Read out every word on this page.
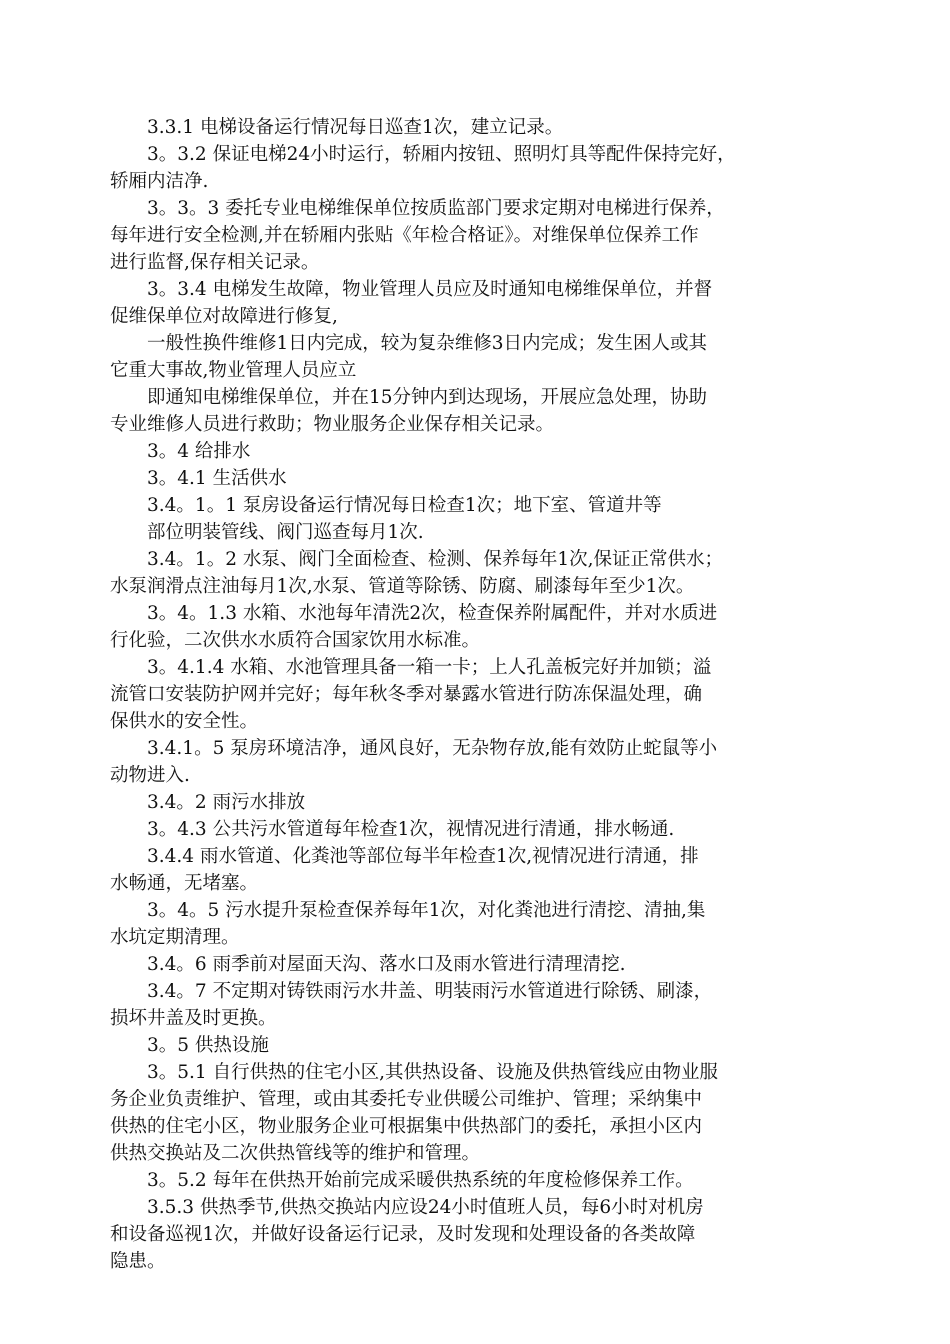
3.3.1 电梯设备运行情况每日巡查1次，建立记录。
3。3.2 保证电梯24小时运行，轿厢内按钮、照明灯具等配件保持完好，
轿厢内洁净.
3。3。3 委托专业电梯维保单位按质监部门要求定期对电梯进行保养，
每年进行安全检测,并在轿厢内张贴《年检合格证》。对维保单位保养工作
进行监督,保存相关记录。
3。3.4 电梯发生故障，物业管理人员应及时通知电梯维保单位，并督
促维保单位对故障进行修复,
一般性换件维修1日内完成，较为复杂维修3日内完成；发生困人或其
它重大事故,物业管理人员应立
即通知电梯维保单位，并在15分钟内到达现场，开展应急处理，协助
专业维修人员进行救助；物业服务企业保存相关记录。
3。4 给排水
3。4.1 生活供水
3.4。1。1 泵房设备运行情况每日检查1次；地下室、管道井等
部位明装管线、阀门巡查每月1次.
3.4。1。2 水泵、阀门全面检查、检测、保养每年1次,保证正常供水；
水泵润滑点注油每月1次,水泵、管道等除锈、防腐、刷漆每年至少1次。
3。4。1.3 水箱、水池每年清洗2次，检查保养附属配件，并对水质进
行化验，二次供水水质符合国家饮用水标准。
3。4.1.4 水箱、水池管理具备一箱一卡；上人孔盖板完好并加锁；溢
流管口安装防护网并完好；每年秋冬季对暴露水管进行防冻保温处理，确
保供水的安全性。
3.4.1。5 泵房环境洁净，通风良好，无杂物存放,能有效防止蛇鼠等小
动物进入.
3.4。2 雨污水排放
3。4.3 公共污水管道每年检查1次，视情况进行清通，排水畅通.
3.4.4 雨水管道、化粪池等部位每半年检查1次,视情况进行清通，排
水畅通，无堵塞。
3。4。5 污水提升泵检查保养每年1次，对化粪池进行清挖、清抽,集
水坑定期清理。
3.4。6 雨季前对屋面天沟、落水口及雨水管进行清理清挖.
3.4。7 不定期对铸铁雨污水井盖、明装雨污水管道进行除锈、刷漆，
损坏井盖及时更换。
3。5 供热设施
3。5.1 自行供热的住宅小区,其供热设备、设施及供热管线应由物业服
务企业负责维护、管理，或由其委托专业供暖公司维护、管理；采纳集中
供热的住宅小区，物业服务企业可根据集中供热部门的委托，承担小区内
供热交换站及二次供热管线等的维护和管理。
3。5.2 每年在供热开始前完成采暖供热系统的年度检修保养工作。
3.5.3 供热季节,供热交换站内应设24小时值班人员，每6小时对机房
和设备巡视1次，并做好设备运行记录，及时发现和处理设备的各类故障
隐患。
